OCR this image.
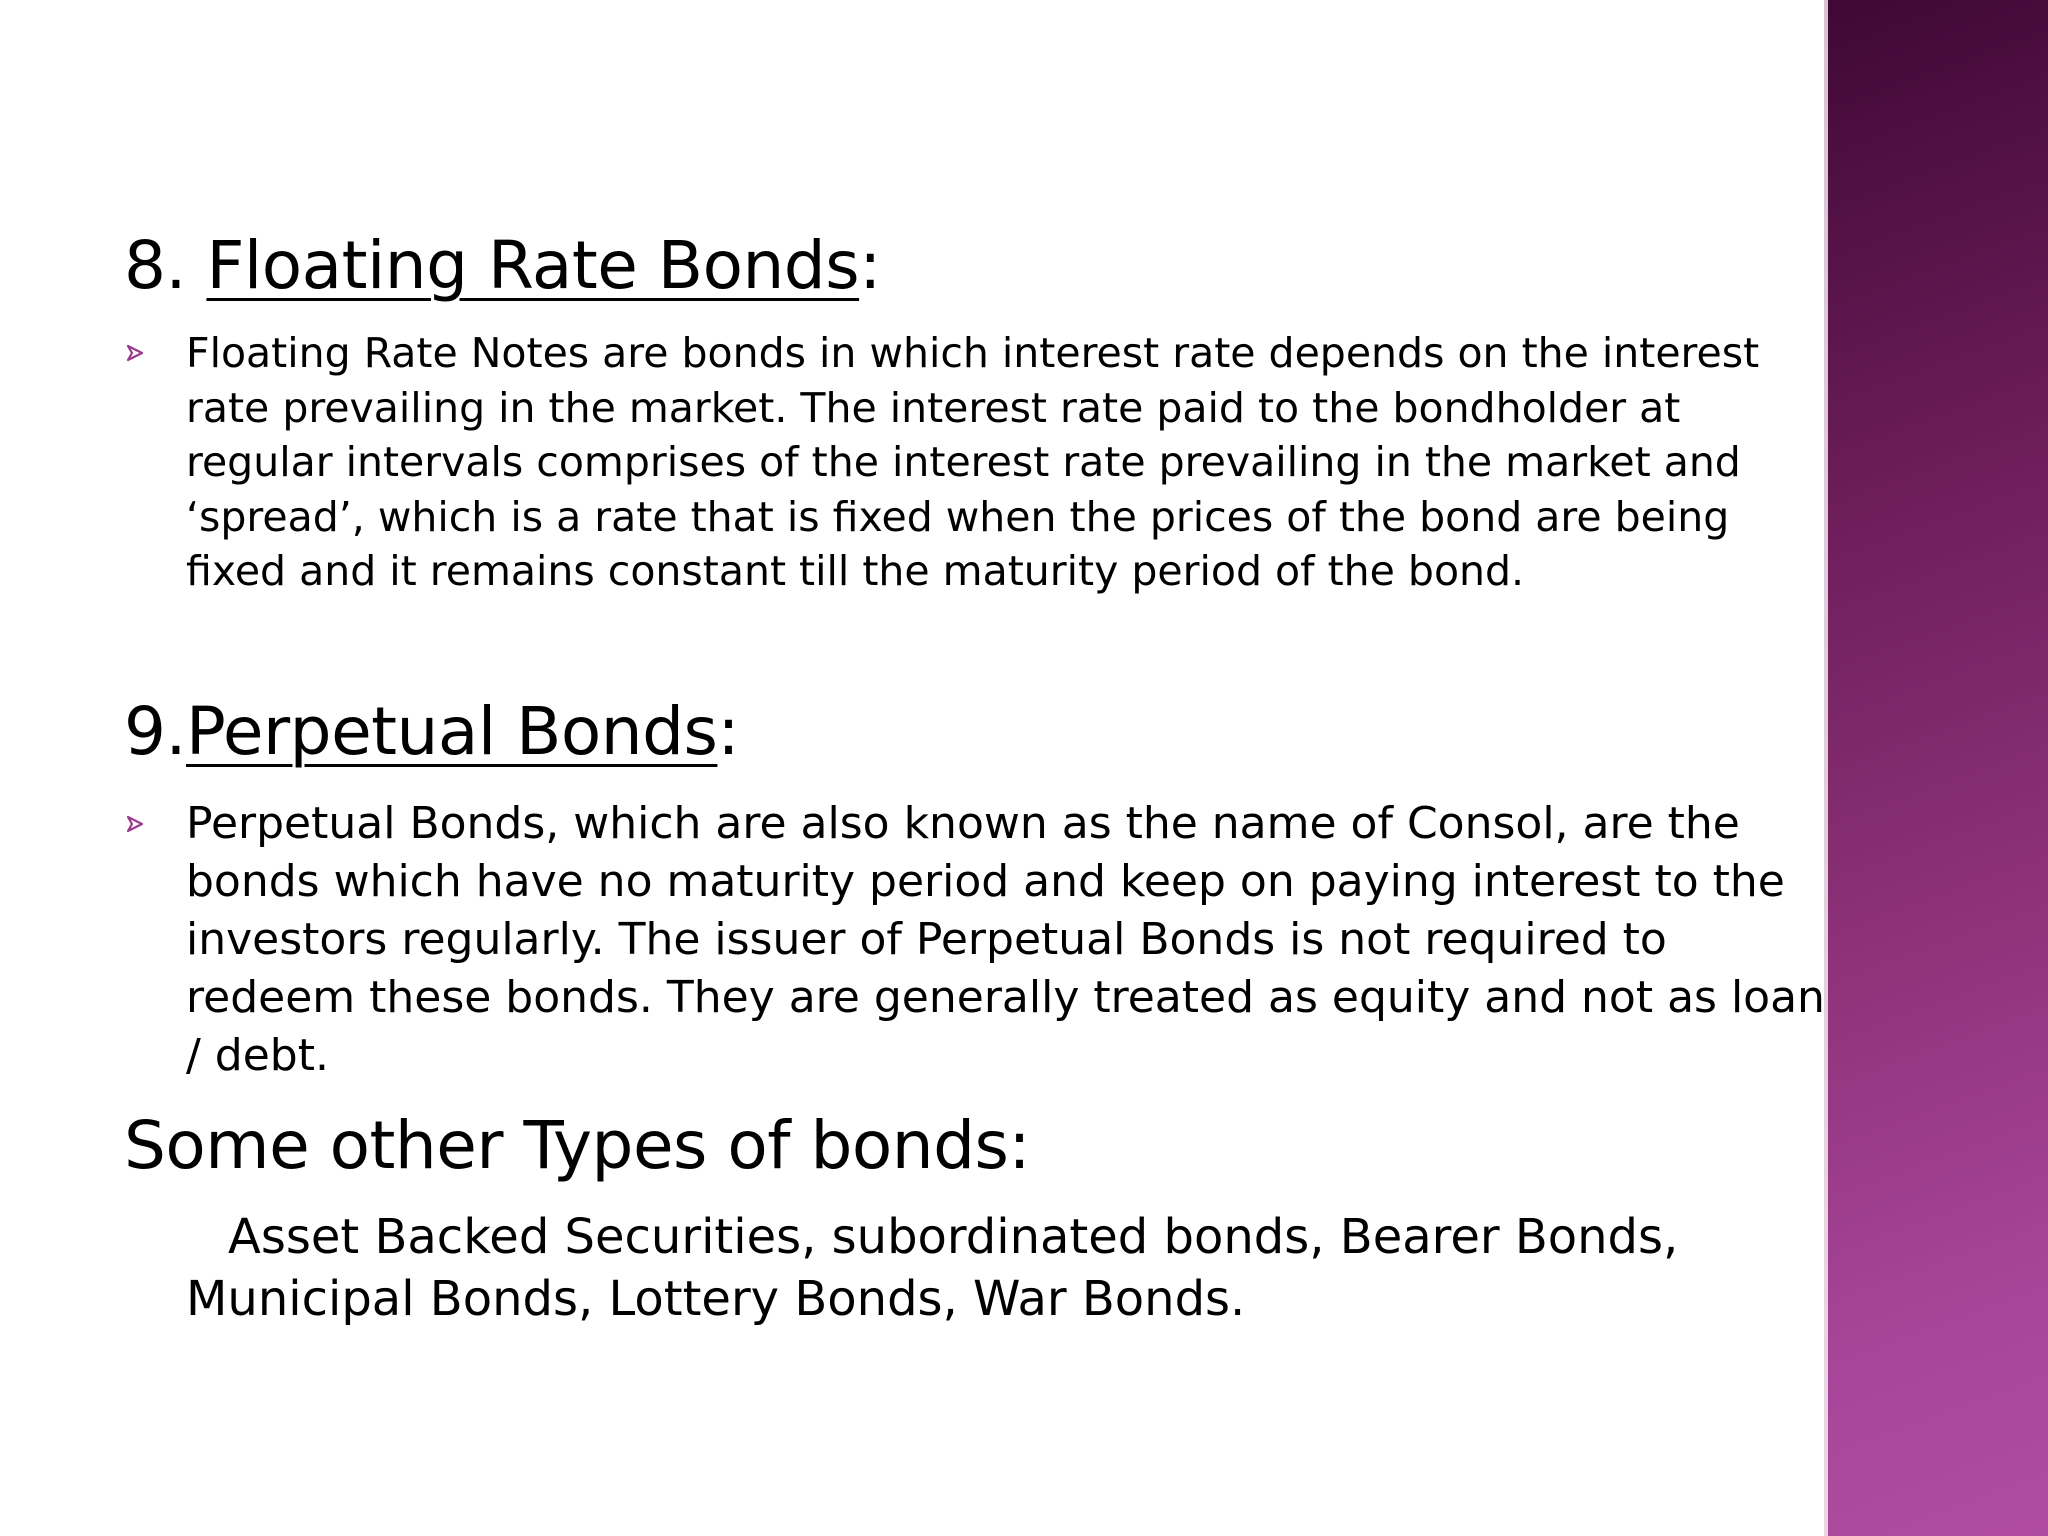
8. Floating Rate Bonds:
Floating Rate Notes are bonds in which interest rate depends on the interest
rate prevailing in the market. The interest rate paid to the bondholder at
regular intervals comprises of the interest rate prevailing in the market and
‘spread’, which is a rate that is fixed when the prices of the bond are being
fixed and it remains constant till the maturity period of the bond.
9.Perpetual Bonds:
Perpetual Bonds, which are also known as the name of Consol, are the
bonds which have no maturity period and keep on paying interest to the
investors regularly. The issuer of Perpetual Bonds is not required to
redeem these bonds. They are generally treated as equity and not as loan
/ debt.
Some other Types of bonds:
Asset Backed Securities, subordinated bonds, Bearer Bonds,
Municipal Bonds, Lottery Bonds, War Bonds.
